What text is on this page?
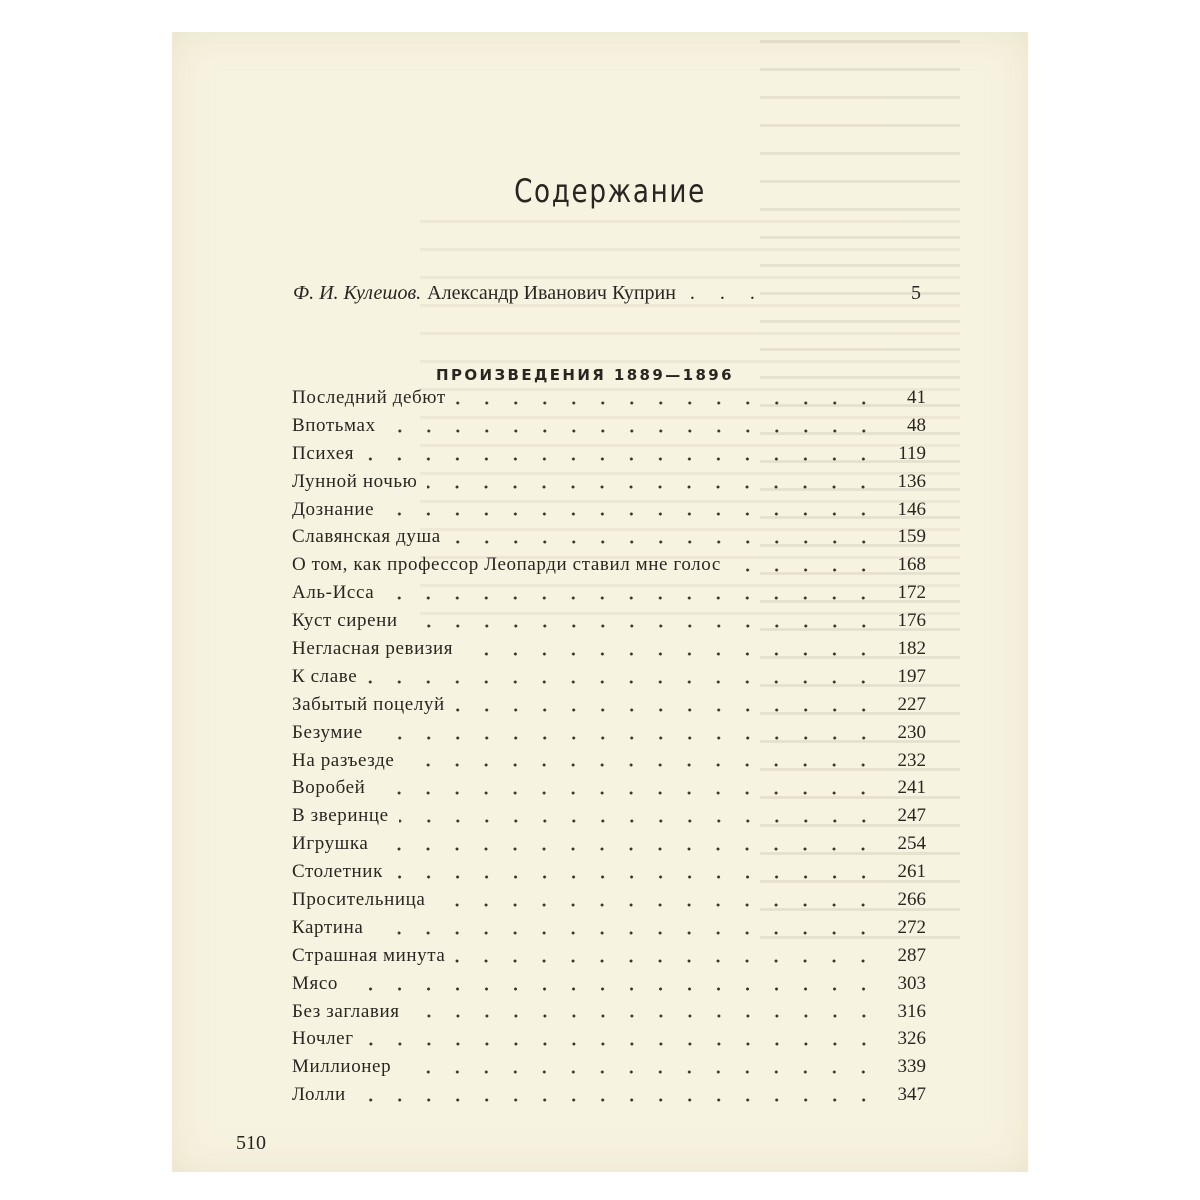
Содержание
Ф. И. Кулешов. Александр Иванович Куприн . . .	5
ПРОИЗВЕДЕНИЯ 1889—1896
Последний дебют	41
Впотьмах	48
Психея	119
Лунной ночью	136
Дознание	146
Славянская душа	159
О том, как профессор Леопарди ставил мне голос	168
Аль-Исса	172
Куст сирени	176
Негласная ревизия	182
К славе	197
Забытый поцелуй	227
Безумие	230
На разъезде	232
Воробей	241
В зверинце	247
Игрушка	254
Столетник	261
Просительница	266
Картина	272
Страшная минута	287
Мясо	303
Без заглавия	316
Ночлег	326
Миллионер	339
Лолли	347
510
